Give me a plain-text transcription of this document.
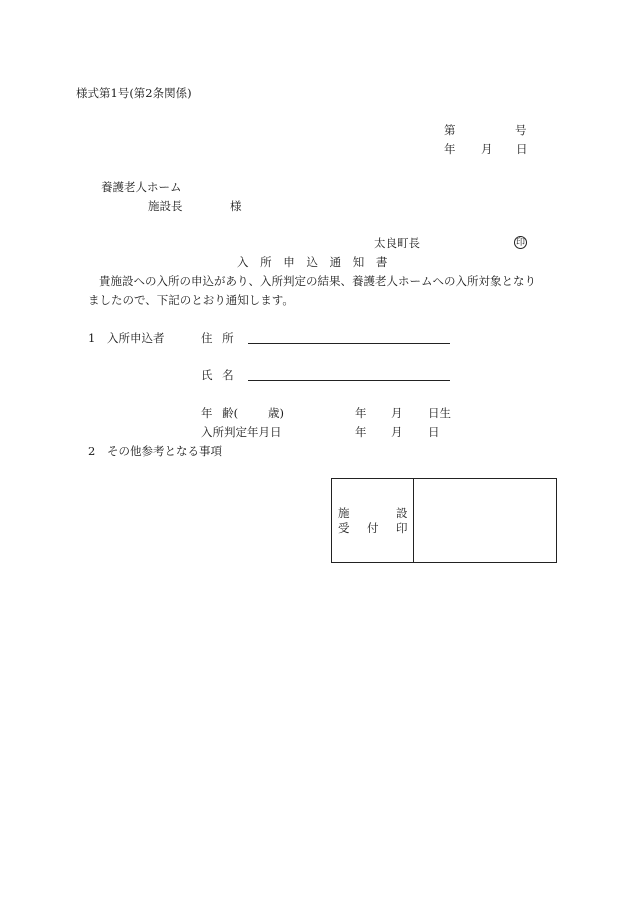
様式第1号(第2条関係)
第	号
年 月 日
養護老人ホーム
施設長	様
太良町長	印
入 所 申 込 通 知 書
貴施設への入所の申込があり、入所判定の結果、養護老人ホームへの入所対象となり
ましたので、下記のとおり通知します。
1 入所申込者	住 所
氏 名
年 齢(	歳)	年 月 日生
入所判定年月日	年 月 日
2 その他参考となる事項
施	設
受 付 印
